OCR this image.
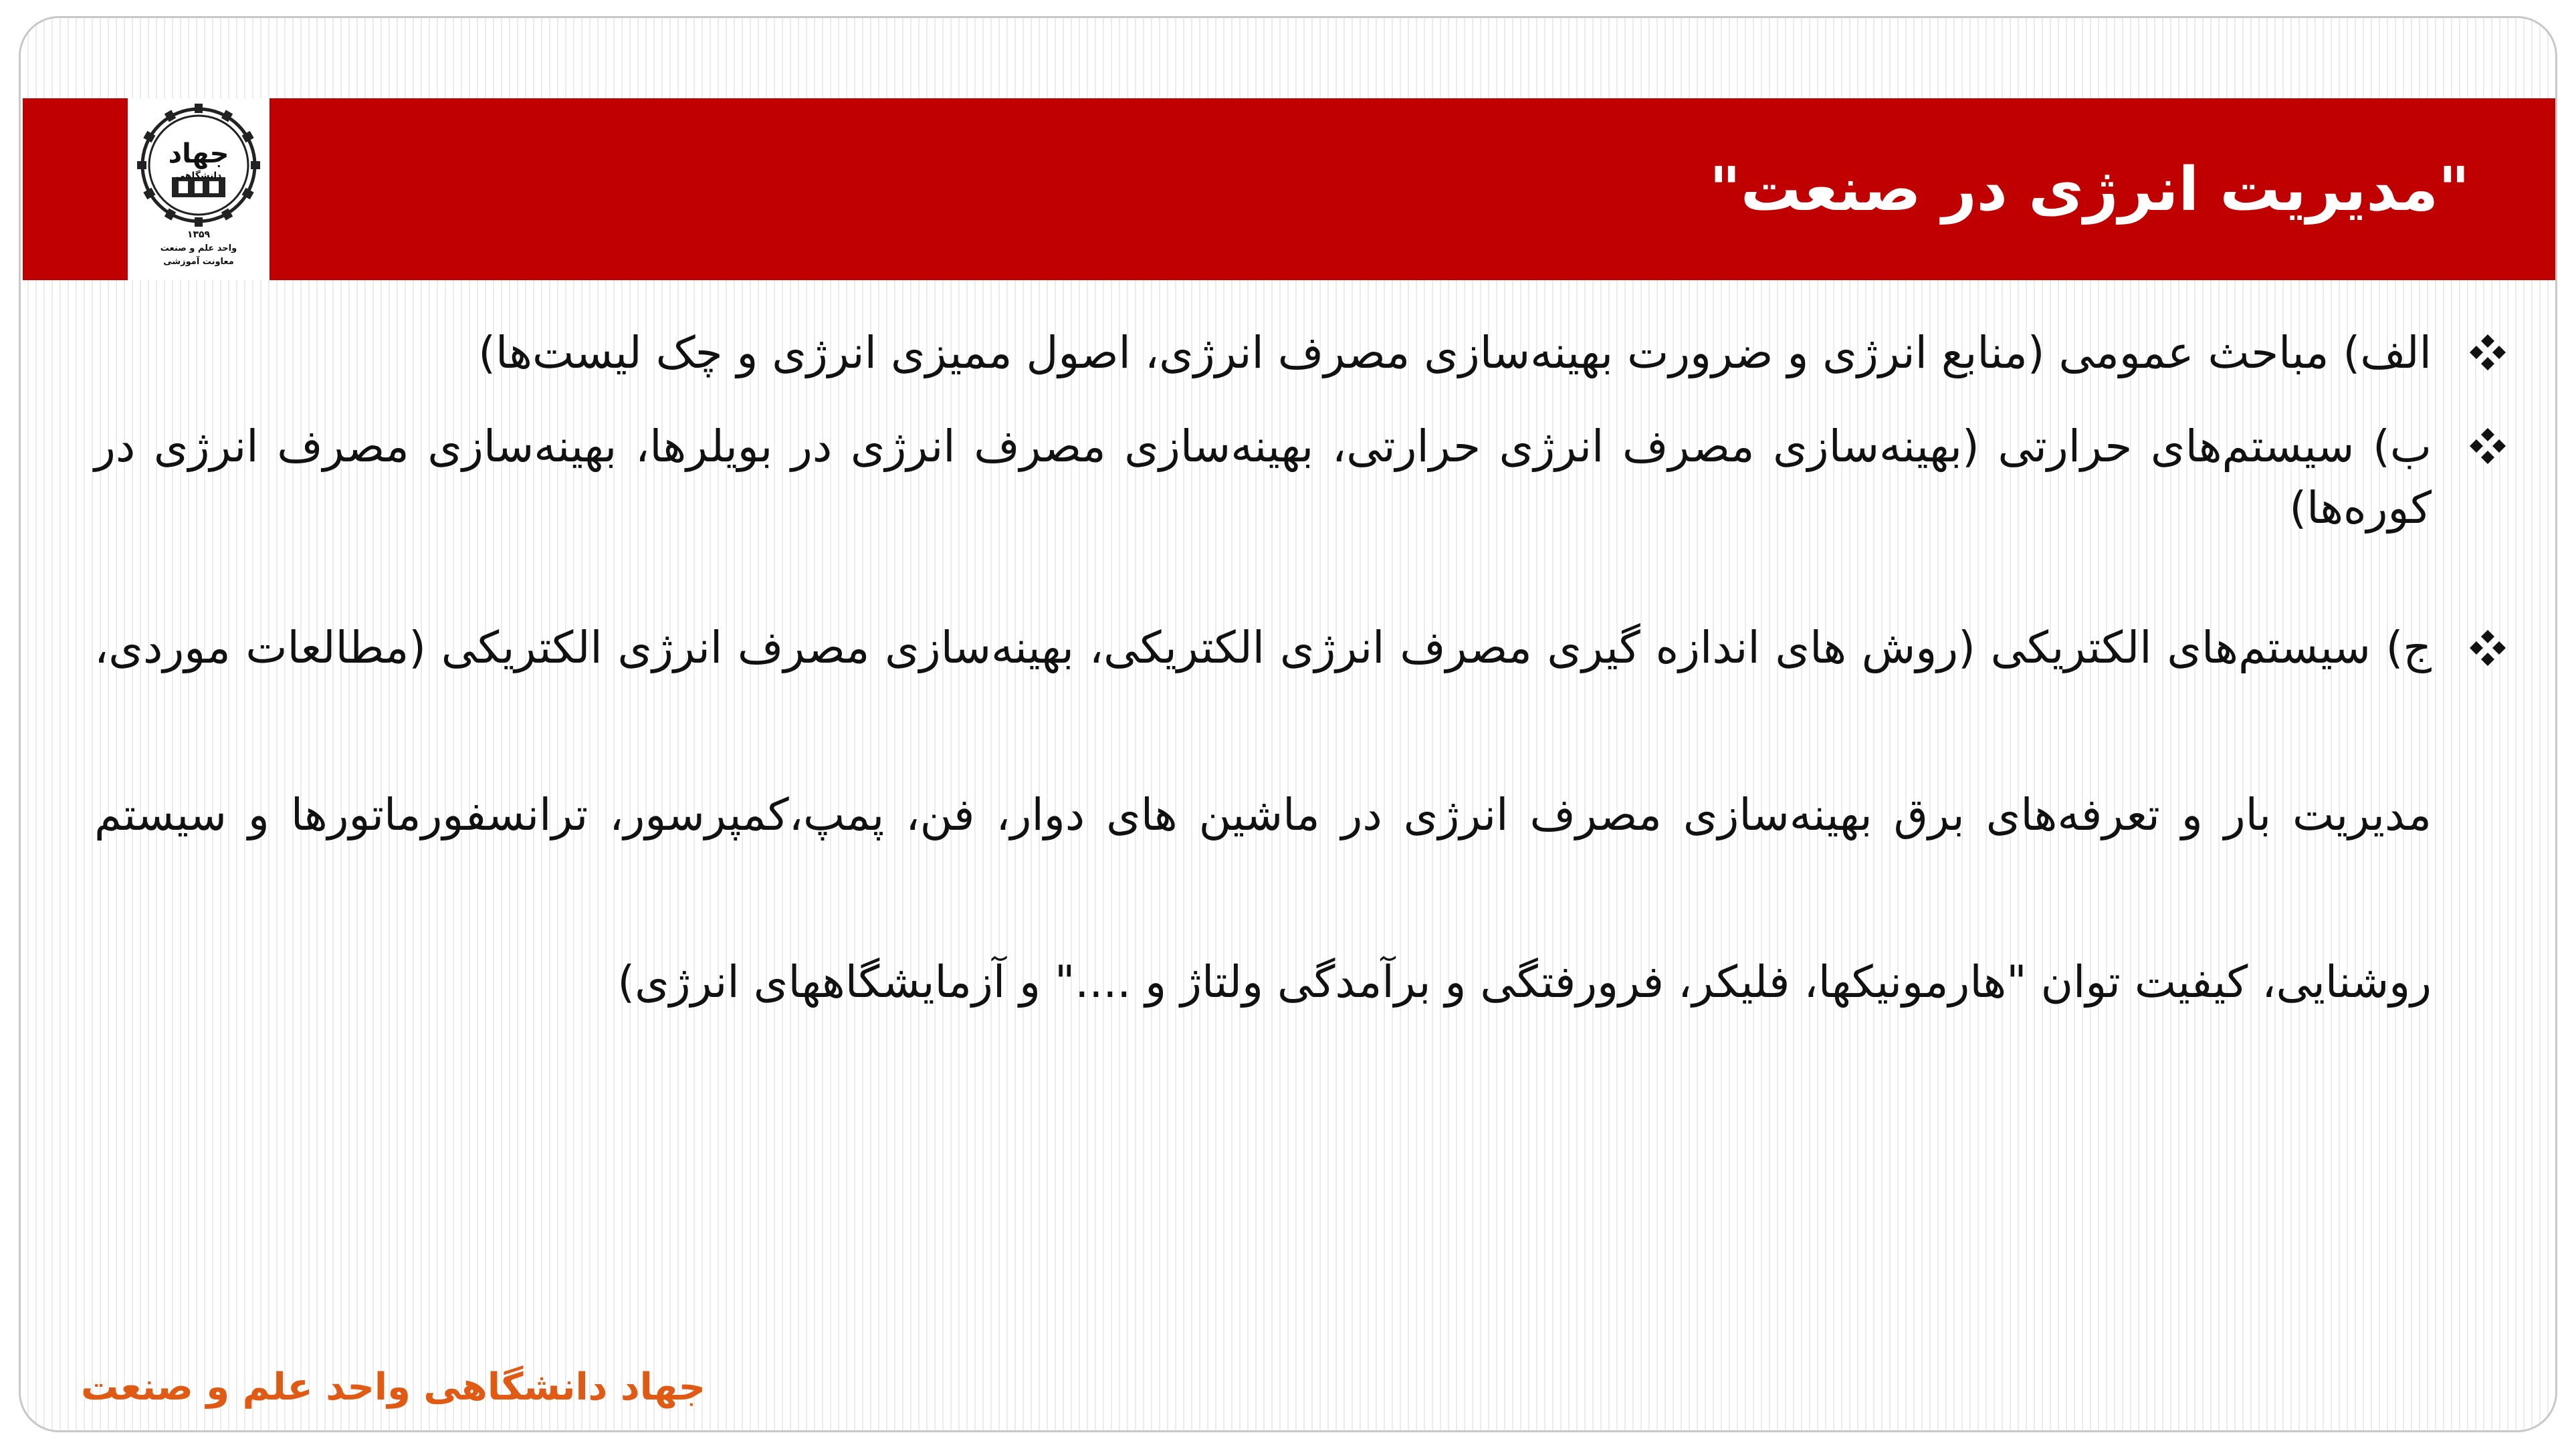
جهاد
دانشگاهی
۱۳۵۹
واحد علم و صنعت
معاونت آموزشی
"مدیریت انرژی در صنعت"
الف) مباحث عمومی (منابع انرژی و ضرورت بهینه‌سازی مصرف انرژی، اصول ممیزی انرژی و چک لیست‌ها)
ب) سیستم‌های حرارتی (بهینه‌سازی مصرف انرژی حرارتی، بهینه‌سازی مصرف انرژی در بویلرها، بهینه‌سازی مصرف انرژی در کوره‌ها)
ج) سیستم‌های الکتریکی (روش های اندازه گیری مصرف انرژی الکتریکی، بهینه‌سازی مصرف انرژی الکتریکی (مطالعات موردی، مدیریت بار و تعرفه‌های برق بهینه‌سازی مصرف انرژی در ماشین های دوار، فن، پمپ،کمپرسور، ترانسفورماتورها و سیستم روشنایی، کیفیت توان "هارمونیکها، فلیکر، فرورفتگی و برآمدگی ولتاژ و ...." و آزمایشگاههای انرژی)
جهاد دانشگاهی واحد علم و صنعت
